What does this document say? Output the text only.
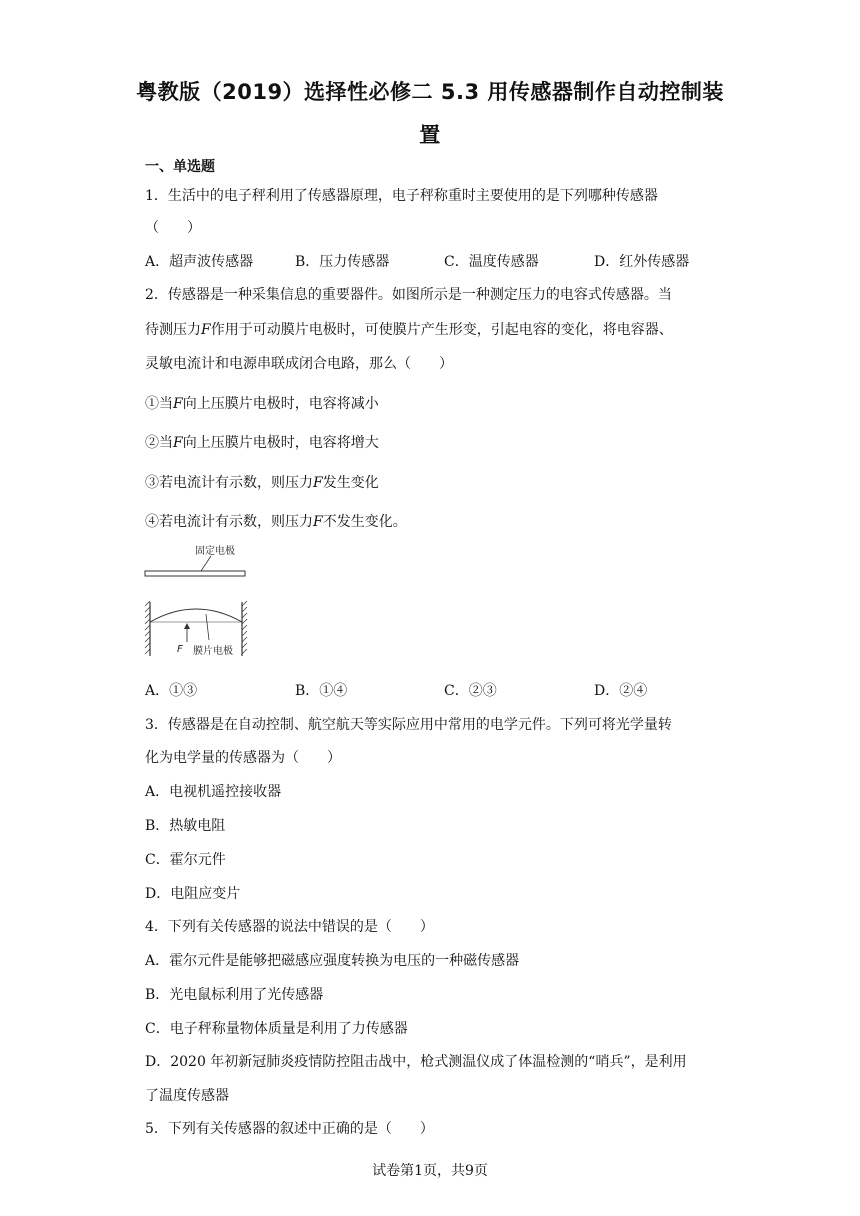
粤教版（2019）选择性必修二 5.3 用传感器制作自动控制装
置
一、单选题
1．生活中的电子秤利用了传感器原理，电子秤称重时主要使用的是下列哪种传感器
（　　）
A．超声波传感器	B．压力传感器	C．温度传感器	D．红外传感器
2．传感器是一种采集信息的重要器件。如图所示是一种测定压力的电容式传感器。当
待测压力F作用于可动膜片电极时，可使膜片产生形变，引起电容的变化，将电容器、
灵敏电流计和电源串联成闭合电路，那么（　　）
①当F向上压膜片电极时，电容将减小
②当F向上压膜片电极时，电容将增大
③若电流计有示数，则压力F发生变化
④若电流计有示数，则压力F不发生变化。
固定电极
F 膜片电极
A．①③	B．①④	C．②③	D．②④
3．传感器是在自动控制、航空航天等实际应用中常用的电学元件。下列可将光学量转
化为电学量的传感器为（　　）
A．电视机遥控接收器
B．热敏电阻
C．霍尔元件
D．电阻应变片
4．下列有关传感器的说法中错误的是（　　）
A．霍尔元件是能够把磁感应强度转换为电压的一种磁传感器
B．光电鼠标利用了光传感器
C．电子秤称量物体质量是利用了力传感器
D．2020 年初新冠肺炎疫情防控阻击战中，枪式测温仪成了体温检测的“哨兵”，是利用
了温度传感器
5．下列有关传感器的叙述中正确的是（　　）
试卷第1页，共9页
